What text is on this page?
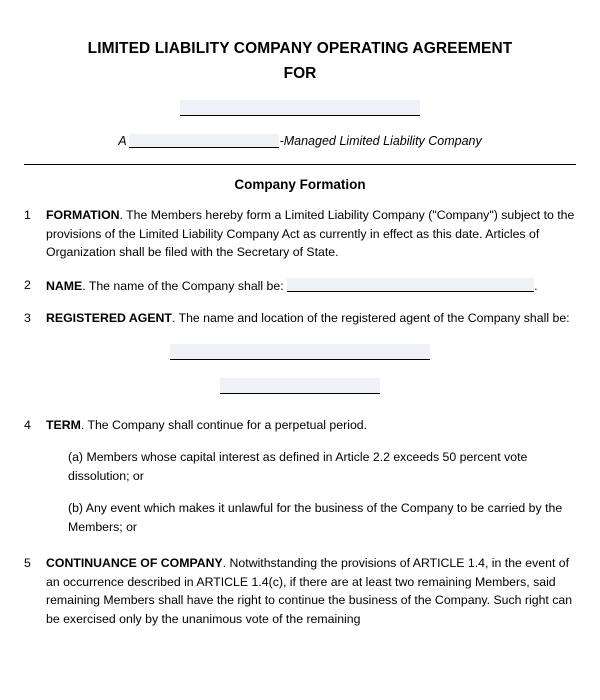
LIMITED LIABILITY COMPANY OPERATING AGREEMENT
FOR
A	-Managed Limited Liability Company
Company Formation
1	FORMATION. The Members hereby form a Limited Liability Company ("Company") subject to the provisions of the Limited Liability Company Act as currently in effect as this date. Articles of Organization shall be filed with the Secretary of State.
2	NAME. The name of the Company shall be:	.
3	REGISTERED AGENT. The name and location of the registered agent of the Company shall be:
4	TERM. The Company shall continue for a perpetual period.
(a) Members whose capital interest as defined in Article 2.2 exceeds 50 percent vote dissolution; or
(b) Any event which makes it unlawful for the business of the Company to be carried by the Members; or
5	CONTINUANCE OF COMPANY. Notwithstanding the provisions of ARTICLE 1.4, in the event of an occurrence described in ARTICLE 1.4(c), if there are at least two remaining Members, said remaining Members shall have the right to continue the business of the Company. Such right can be exercised only by the unanimous vote of the remaining
